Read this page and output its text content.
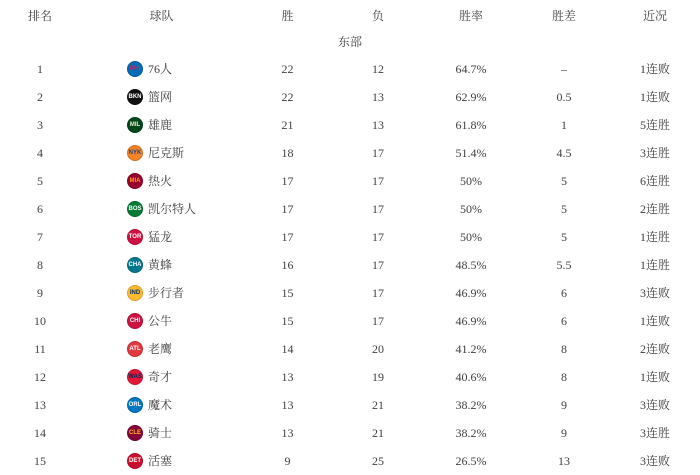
排名	球队	胜	负	胜率	胜差	近况
东部
1	PHI 76人	22	12	64.7%	–	1连败
2	BKN 篮网	22	13	62.9%	0.5	1连败
3	MIL 雄鹿	21	13	61.8%	1	5连胜
4	NYK 尼克斯	18	17	51.4%	4.5	3连胜
5	MIA 热火	17	17	50%	5	6连胜
6	BOS 凯尔特人	17	17	50%	5	2连胜
7	TOR 猛龙	17	17	50%	5	1连胜
8	CHA 黄蜂	16	17	48.5%	5.5	1连胜
9	IND 步行者	15	17	46.9%	6	3连败
10	CHI 公牛	15	17	46.9%	6	1连败
11	ATL 老鹰	14	20	41.2%	8	2连败
12	WAS 奇才	13	19	40.6%	8	1连败
13	ORL 魔术	13	21	38.2%	9	3连败
14	CLE 骑士	13	21	38.2%	9	3连胜
15	DET 活塞	9	25	26.5%	13	3连败
